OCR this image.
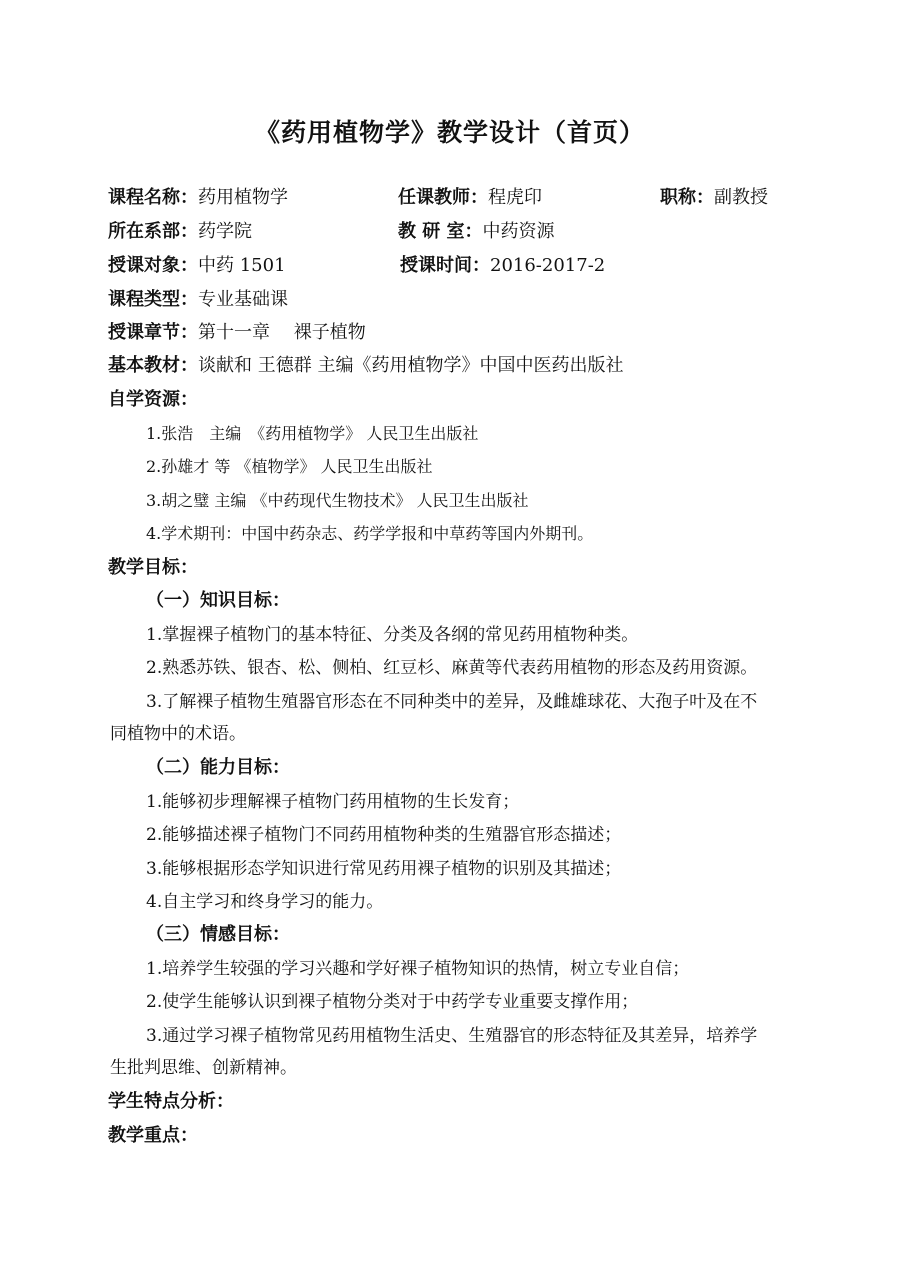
《药用植物学》教学设计（首页）
课程名称：药用植物学	任课教师：程虎印	职称：副教授
所在系部：药学院	教 研 室：中药资源
授课对象：中药 1501	授课时间：2016-2017-2
课程类型：专业基础课
授课章节：第十一章　 裸子植物
基本教材：谈献和 王德群 主编《药用植物学》中国中医药出版社
自学资源：
1.张浩　主编　《药用植物学》 人民卫生出版社
2.孙雄才 等 《植物学》 人民卫生出版社
3.胡之璧 主编 《中药现代生物技术》 人民卫生出版社
4.学术期刊：中国中药杂志、药学学报和中草药等国内外期刊。
教学目标：
（一）知识目标：
1.掌握裸子植物门的基本特征、分类及各纲的常见药用植物种类。
2.熟悉苏铁、银杏、松、侧柏、红豆杉、麻黄等代表药用植物的形态及药用资源。
3.了解裸子植物生殖器官形态在不同种类中的差异，及雌雄球花、大孢子叶及在不
同植物中的术语。
（二）能力目标：
1.能够初步理解裸子植物门药用植物的生长发育；
2.能够描述裸子植物门不同药用植物种类的生殖器官形态描述；
3.能够根据形态学知识进行常见药用裸子植物的识别及其描述；
4.自主学习和终身学习的能力。
（三）情感目标：
1.培养学生较强的学习兴趣和学好裸子植物知识的热情，树立专业自信；
2.使学生能够认识到裸子植物分类对于中药学专业重要支撑作用；
3.通过学习裸子植物常见药用植物生活史、生殖器官的形态特征及其差异，培养学
生批判思维、创新精神。
学生特点分析：
教学重点：
